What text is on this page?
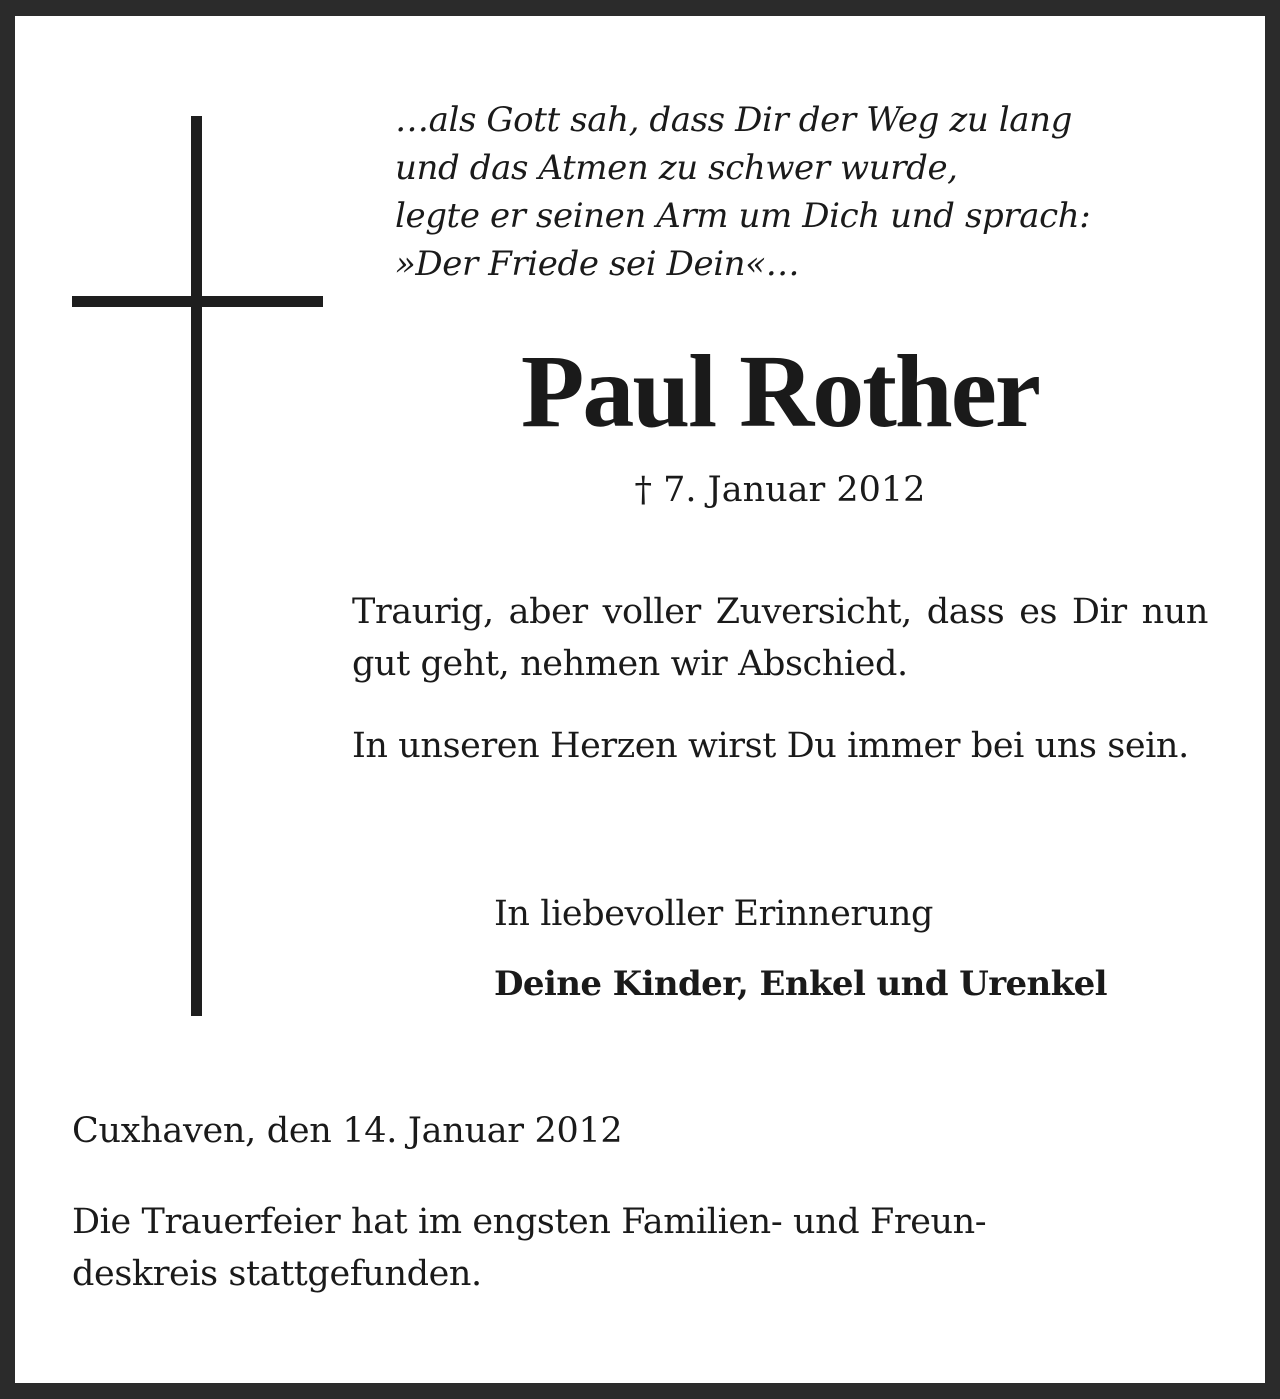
…als Gott sah, dass Dir der Weg zu lang
und das Atmen zu schwer wurde,
legte er seinen Arm um Dich und sprach:
»Der Friede sei Dein«…
Paul Rother
† 7. Januar 2012
Traurig, aber voller Zuversicht, dass es Dir nun gut geht, nehmen wir Abschied.
In unseren Herzen wirst Du immer bei uns sein.
In liebevoller Erinnerung
Deine Kinder, Enkel und Urenkel
Cuxhaven, den 14. Januar 2012
Die Trauerfeier hat im engsten Familien- und Freun-
deskreis stattgefunden.
